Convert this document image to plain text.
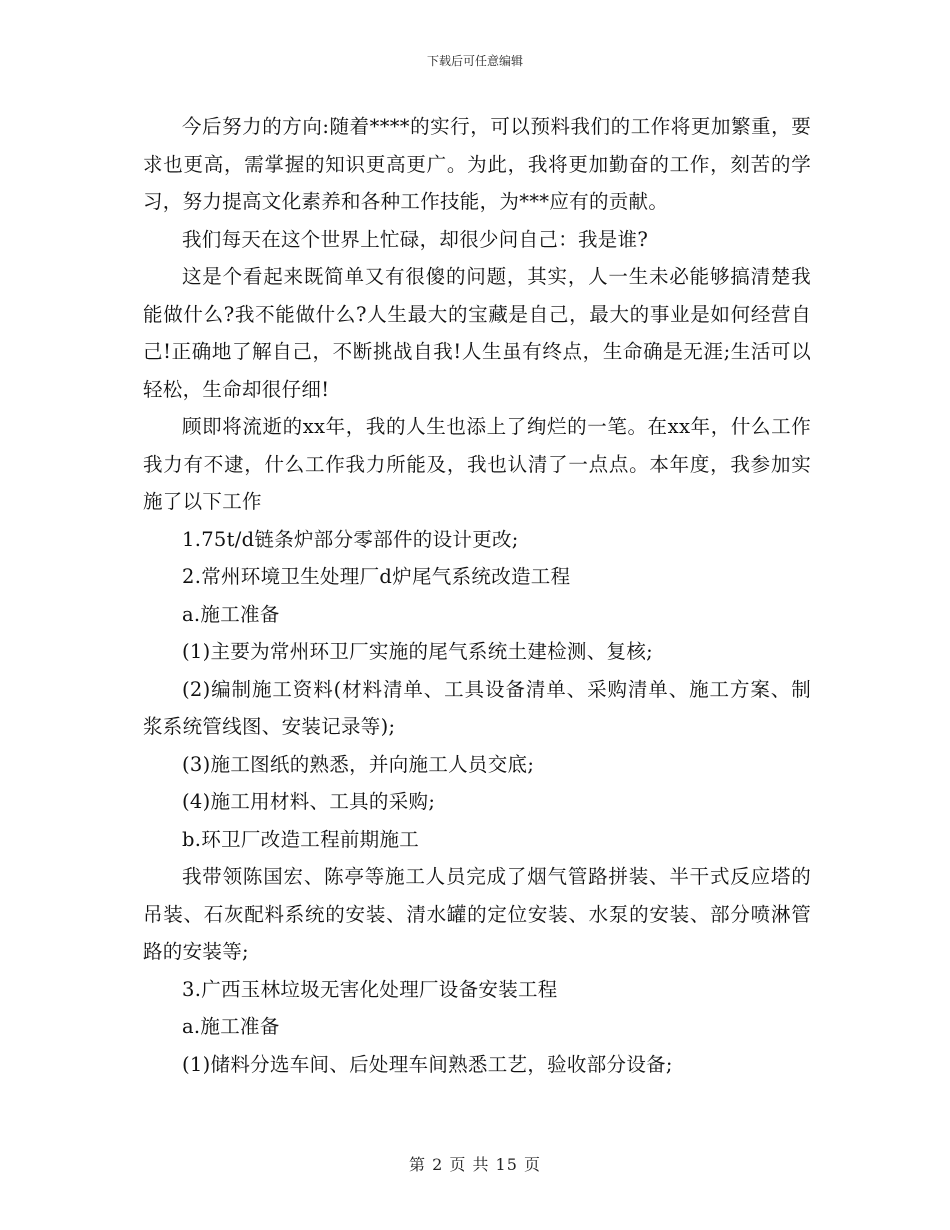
下载后可任意编辑

今后努力的方向:随着****的实行，可以预料我们的工作将更加繁重，要求也更高，需掌握的知识更高更广。为此，我将更加勤奋的工作，刻苦的学习，努力提高文化素养和各种工作技能，为***应有的贡献。

我们每天在这个世界上忙碌，却很少问自己：我是谁?

这是个看起来既简单又有很傻的问题，其实，人一生未必能够搞清楚我能做什么?我不能做什么?人生最大的宝藏是自己，最大的事业是如何经营自己!正确地了解自己，不断挑战自我!人生虽有终点，生命确是无涯;生活可以轻松，生命却很仔细!

顾即将流逝的xx年，我的人生也添上了绚烂的一笔。在xx年，什么工作我力有不逮，什么工作我力所能及，我也认清了一点点。本年度，我参加实施了以下工作

1.75t/d链条炉部分零部件的设计更改;

2.常州环境卫生处理厂d炉尾气系统改造工程

a.施工准备

(1)主要为常州环卫厂实施的尾气系统土建检测、复核;

(2)编制施工资料(材料清单、工具设备清单、采购清单、施工方案、制浆系统管线图、安装记录等);

(3)施工图纸的熟悉，并向施工人员交底;

(4)施工用材料、工具的采购;

b.环卫厂改造工程前期施工

我带领陈国宏、陈亭等施工人员完成了烟气管路拼装、半干式反应塔的吊装、石灰配料系统的安装、清水罐的定位安装、水泵的安装、部分喷淋管路的安装等;

3.广西玉林垃圾无害化处理厂设备安装工程

a.施工准备

(1)储料分选车间、后处理车间熟悉工艺，验收部分设备;

第 2 页 共 15 页
